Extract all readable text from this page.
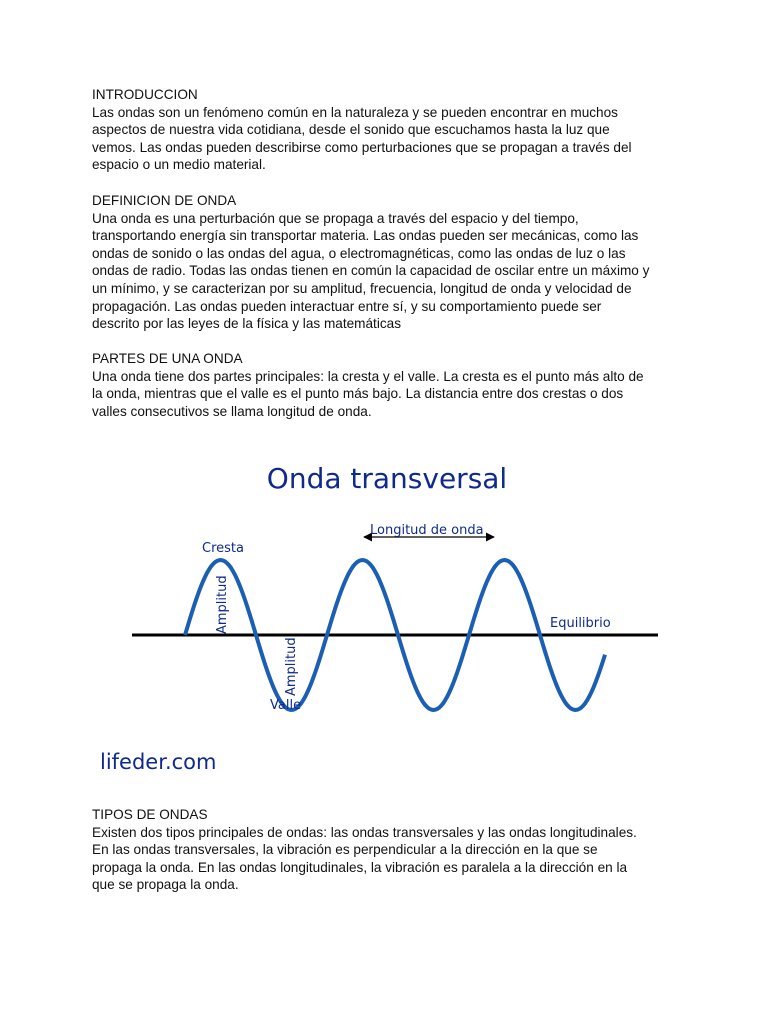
INTRODUCCION
Las ondas son un fenómeno común en la naturaleza y se pueden encontrar en muchos
aspectos de nuestra vida cotidiana, desde el sonido que escuchamos hasta la luz que
vemos. Las ondas pueden describirse como perturbaciones que se propagan a través del
espacio o un medio material.
DEFINICION DE ONDA
Una onda es una perturbación que se propaga a través del espacio y del tiempo,
transportando energía sin transportar materia. Las ondas pueden ser mecánicas, como las
ondas de sonido o las ondas del agua, o electromagnéticas, como las ondas de luz o las
ondas de radio. Todas las ondas tienen en común la capacidad de oscilar entre un máximo y
un mínimo, y se caracterizan por su amplitud, frecuencia, longitud de onda y velocidad de
propagación. Las ondas pueden interactuar entre sí, y su comportamiento puede ser
descrito por las leyes de la física y las matemáticas
PARTES DE UNA ONDA
Una onda tiene dos partes principales: la cresta y el valle. La cresta es el punto más alto de
la onda, mientras que el valle es el punto más bajo. La distancia entre dos crestas o dos
valles consecutivos se llama longitud de onda.
Onda transversal
Cresta
Valle
Longitud de onda
Equilibrio
Amplitud
Amplitud
lifeder.com
TIPOS DE ONDAS
Existen dos tipos principales de ondas: las ondas transversales y las ondas longitudinales.
En las ondas transversales, la vibración es perpendicular a la dirección en la que se
propaga la onda. En las ondas longitudinales, la vibración es paralela a la dirección en la
que se propaga la onda.
